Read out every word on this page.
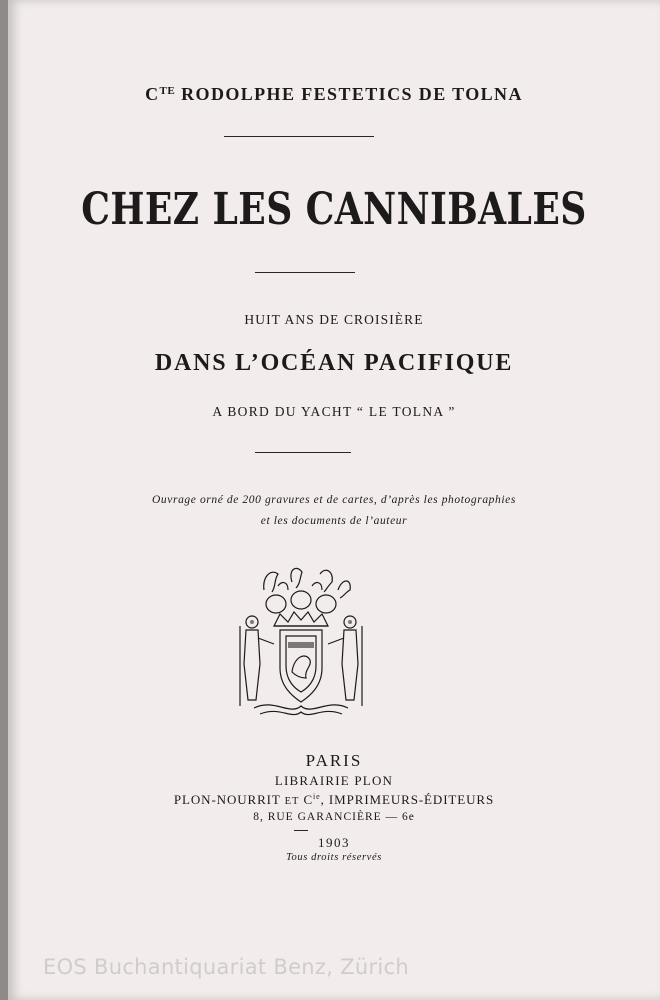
$C^{TE}$ RODOLPHE FESTETICS DE TOLNA
CHEZ LES CANNIBALES
HUIT ANS DE CROISIÈRE
DANS L’OCÉAN PACIFIQUE
A BORD DU YACHT “ LE TOLNA ”
Ouvrage orné de 200 gravures et de cartes, d’après les photographies
et les documents de l’auteur
PARIS
LIBRAIRIE PLON
PLON-NOURRIT ET $C^{ie}$, IMPRIMEURS-ÉDITEURS
8, RUE GARANCIÈRE — 6e
1903
Tous droits réservés
EOS Buchantiquariat Benz, Zürich
